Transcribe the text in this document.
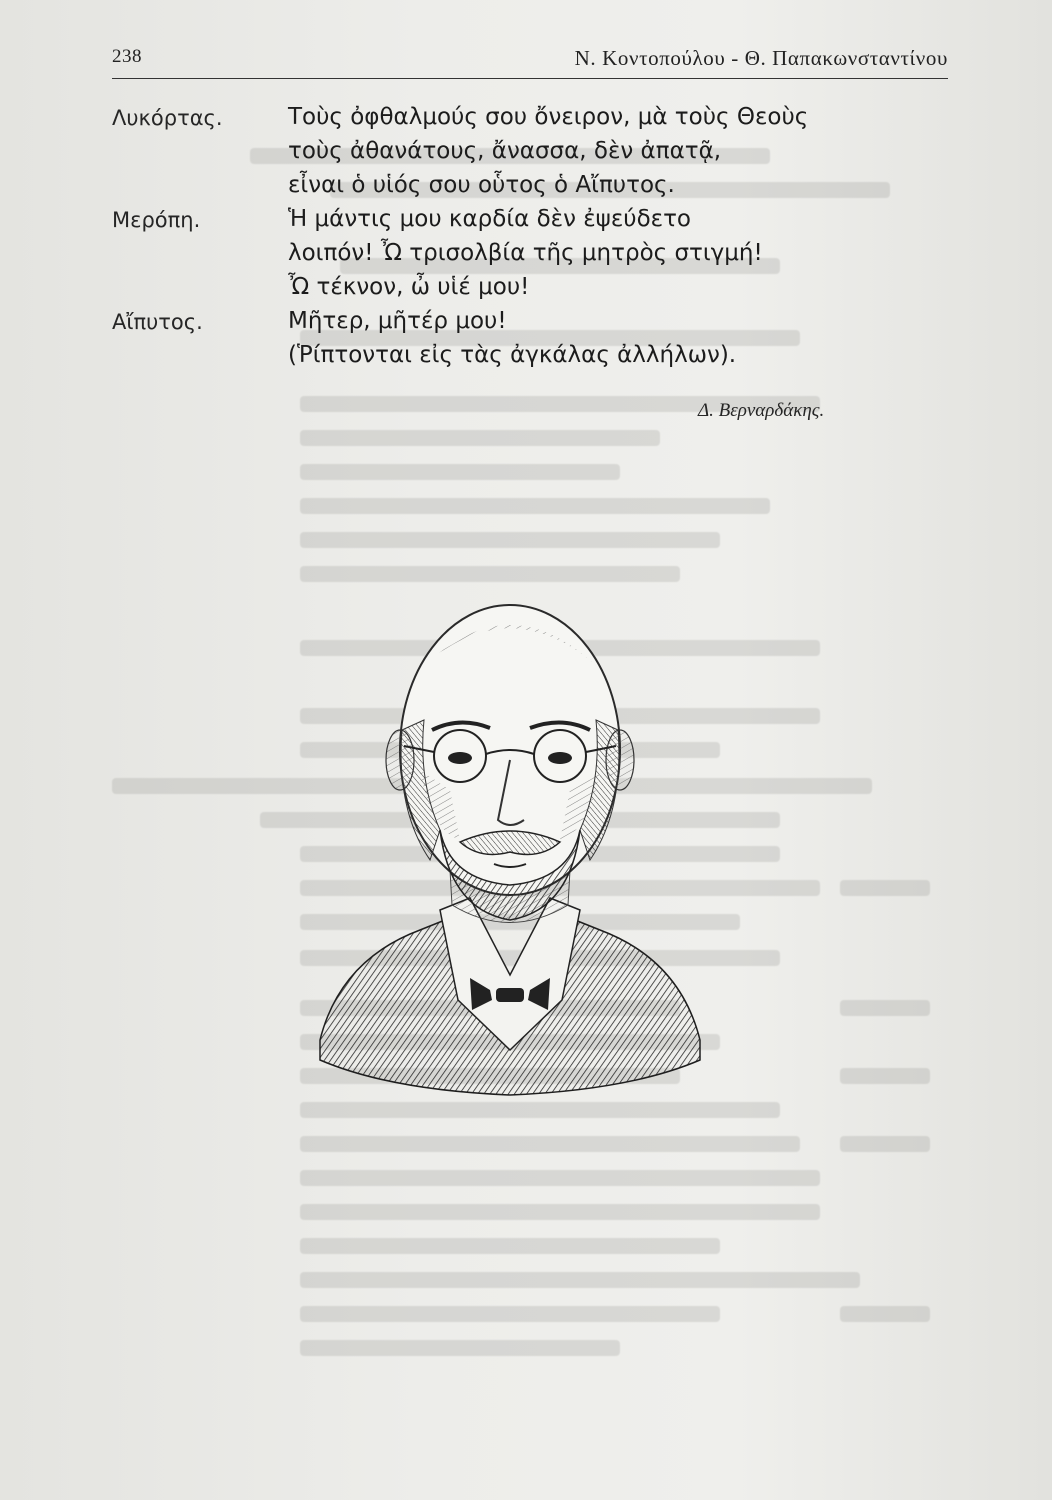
238	Ν. Κοντοπούλου - Θ. Παπακωνσταντίνου
Λυκόρτας.	Τοὺς ὀφθαλμούς σου ὄνειρον, μὰ τοὺς Θεοὺς
τοὺς ἀθανάτους, ἄνασσα, δὲν ἀπατᾷ,
εἶναι ὁ υἱός σου οὗτος ὁ Αἴπυτος.
Μερόπη.	Ἡ μάντις μου καρδία δὲν ἐψεύδετο
λοιπόν! Ὦ τρισολβία τῆς μητρὸς στιγμή!
Ὦ τέκνον, ὦ υἱέ μου!
Αἴπυτος.	Μῆτερ, μῆτέρ μου!
(Ῥίπτονται εἰς τὰς ἀγκάλας ἀλλήλων).
Δ. Βερναρδάκης.
